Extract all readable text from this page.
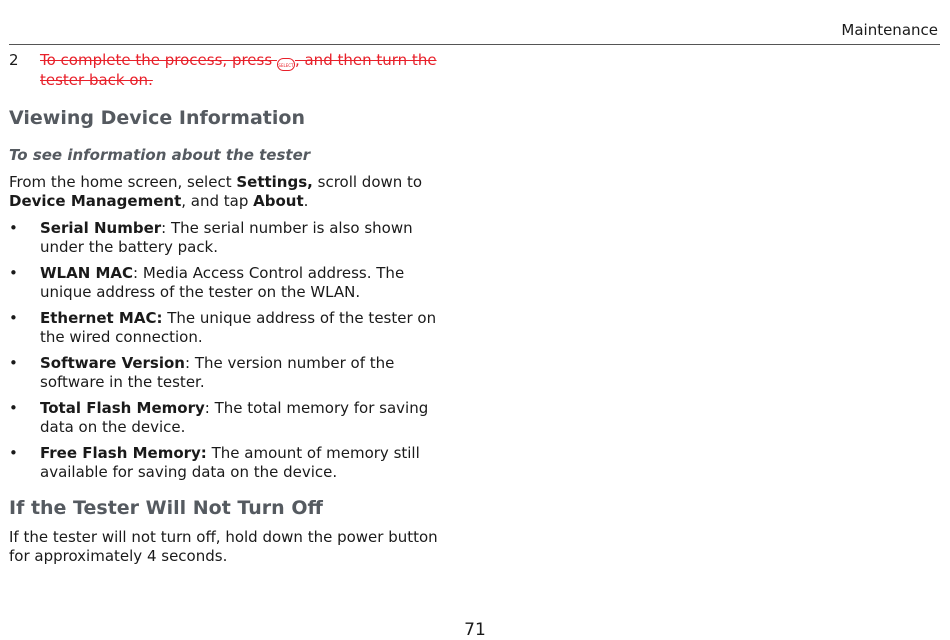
Maintenance
2	To complete the process, press SELECT, and then turn the tester back on.
Viewing Device Information
To see information about the tester
From the home screen, select Settings, scroll down to Device Management, and tap About.
•	Serial Number: The serial number is also shown under the battery pack.
•	WLAN MAC: Media Access Control address. The unique address of the tester on the WLAN.
•	Ethernet MAC: The unique address of the tester on the wired connection.
•	Software Version: The version number of the software in the tester.
•	Total Flash Memory: The total memory for saving data on the device.
•	Free Flash Memory: The amount of memory still available for saving data on the device.
If the Tester Will Not Turn Off
If the tester will not turn off, hold down the power button for approximately 4 seconds.
71
